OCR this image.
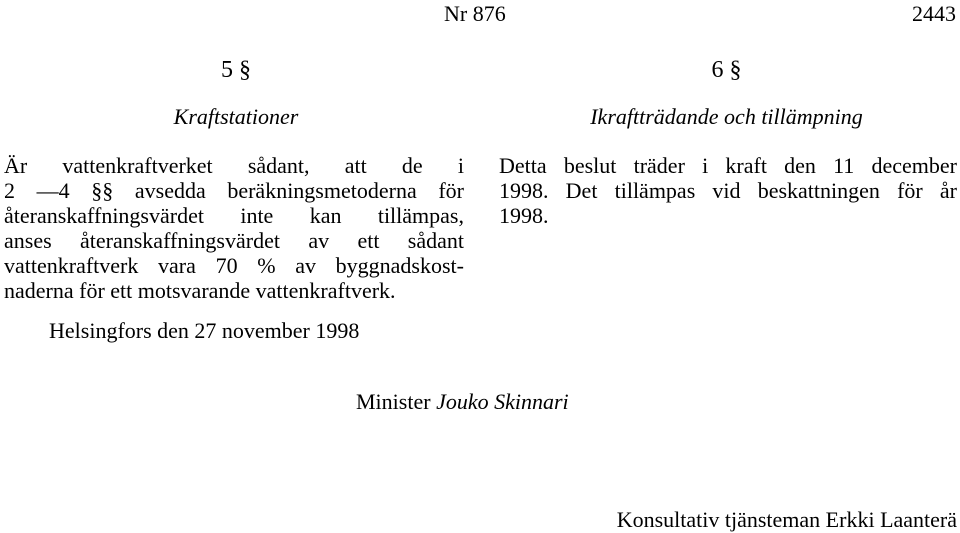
Nr 876	2443
5 §
Kraftstationer
Är vattenkraftverket sådant, att de i
2 —4 §§ avsedda beräkningsmetoderna för
återanskaffningsvärdet inte kan tillämpas,
anses återanskaffningsvärdet av ett sådant
vattenkraftverk vara 70 % av byggnadskost-
naderna för ett motsvarande vattenkraftverk.
6 §
Ikraftträdande och tillämpning
Detta beslut träder i kraft den 11 december
1998. Det tillämpas vid beskattningen för år
1998.
Helsingfors den 27 november 1998
Minister Jouko Skinnari
Konsultativ tjänsteman Erkki Laanterä
